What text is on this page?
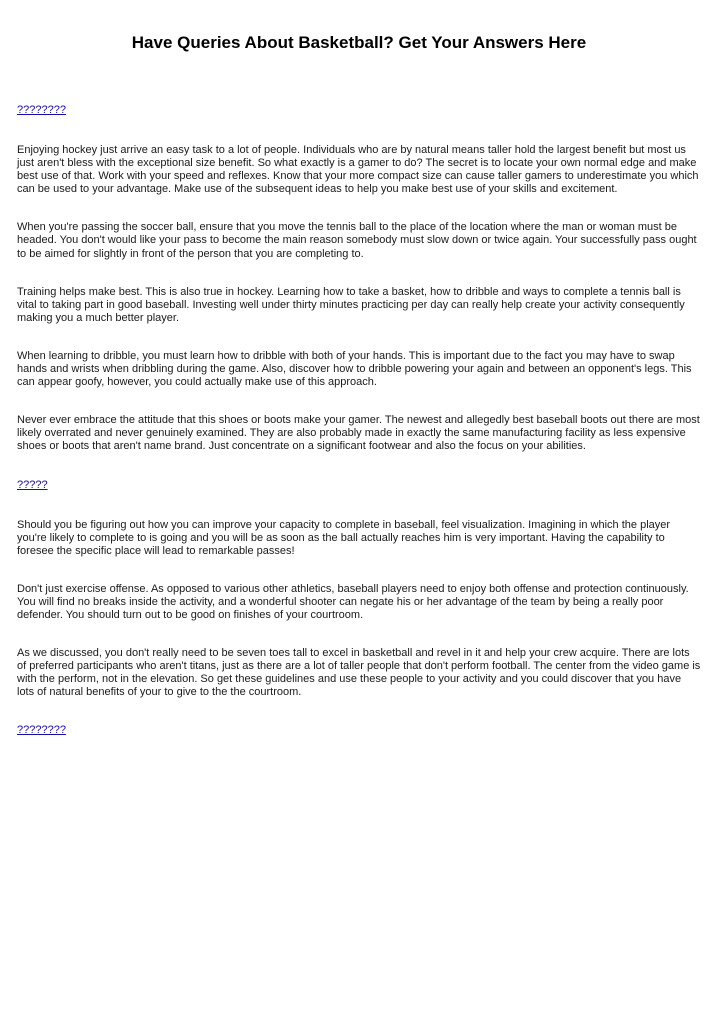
Have Queries About Basketball? Get Your Answers Here
????????

Enjoying hockey just arrive an easy task to a lot of people. Individuals who are by natural means taller hold the largest benefit but most us just aren't bless with the exceptional size benefit. So what exactly is a gamer to do? The secret is to locate your own normal edge and make best use of that. Work with your speed and reflexes. Know that your more compact size can cause taller gamers to underestimate you which can be used to your advantage. Make use of the subsequent ideas to help you make best use of your skills and excitement.

When you're passing the soccer ball, ensure that you move the tennis ball to the place of the location where the man or woman must be headed. You don't would like your pass to become the main reason somebody must slow down or twice again. Your successfully pass ought to be aimed for slightly in front of the person that you are completing to.

Training helps make best. This is also true in hockey. Learning how to take a basket, how to dribble and ways to complete a tennis ball is vital to taking part in good baseball. Investing well under thirty minutes practicing per day can really help create your activity consequently making you a much better player.

When learning to dribble, you must learn how to dribble with both of your hands. This is important due to the fact you may have to swap hands and wrists when dribbling during the game. Also, discover how to dribble powering your again and between an opponent's legs. This can appear goofy, however, you could actually make use of this approach.

Never ever embrace the attitude that this shoes or boots make your gamer. The newest and allegedly best baseball boots out there are most likely overrated and never genuinely examined. They are also probably made in exactly the same manufacturing facility as less expensive shoes or boots that aren't name brand. Just concentrate on a significant footwear and also the focus on your abilities.

?????

Should you be figuring out how you can improve your capacity to complete in baseball, feel visualization. Imagining in which the player you're likely to complete to is going and you will be as soon as the ball actually reaches him is very important. Having the capability to foresee the specific place will lead to remarkable passes!

Don't just exercise offense. As opposed to various other athletics, baseball players need to enjoy both offense and protection continuously. You will find no breaks inside the activity, and a wonderful shooter can negate his or her advantage of the team by being a really poor defender. You should turn out to be good on finishes of your courtroom.

As we discussed, you don't really need to be seven toes tall to excel in basketball and revel in it and help your crew acquire. There are lots of preferred participants who aren't titans, just as there are a lot of taller people that don't perform football. The center from the video game is with the perform, not in the elevation. So get these guidelines and use these people to your activity and you could discover that you have lots of natural benefits of your to give to the the courtroom.

????????
